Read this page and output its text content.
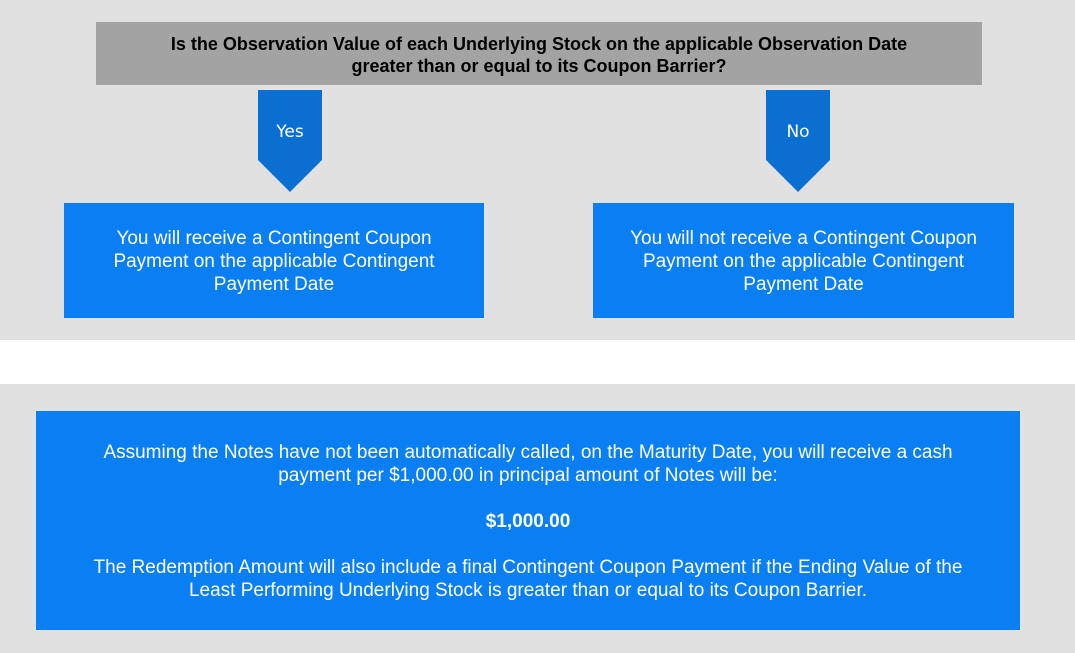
Is the Observation Value of each Underlying Stock on the applicable Observation Date
greater than or equal to its Coupon Barrier?
Yes	No
You will receive a Contingent Coupon
Payment on the applicable Contingent
Payment Date
You will not receive a Contingent Coupon
Payment on the applicable Contingent
Payment Date
Assuming the Notes have not been automatically called, on the Maturity Date, you will receive a cash
payment per $1,000.00 in principal amount of Notes will be:
$1,000.00
The Redemption Amount will also include a final Contingent Coupon Payment if the Ending Value of the
Least Performing Underlying Stock is greater than or equal to its Coupon Barrier.
